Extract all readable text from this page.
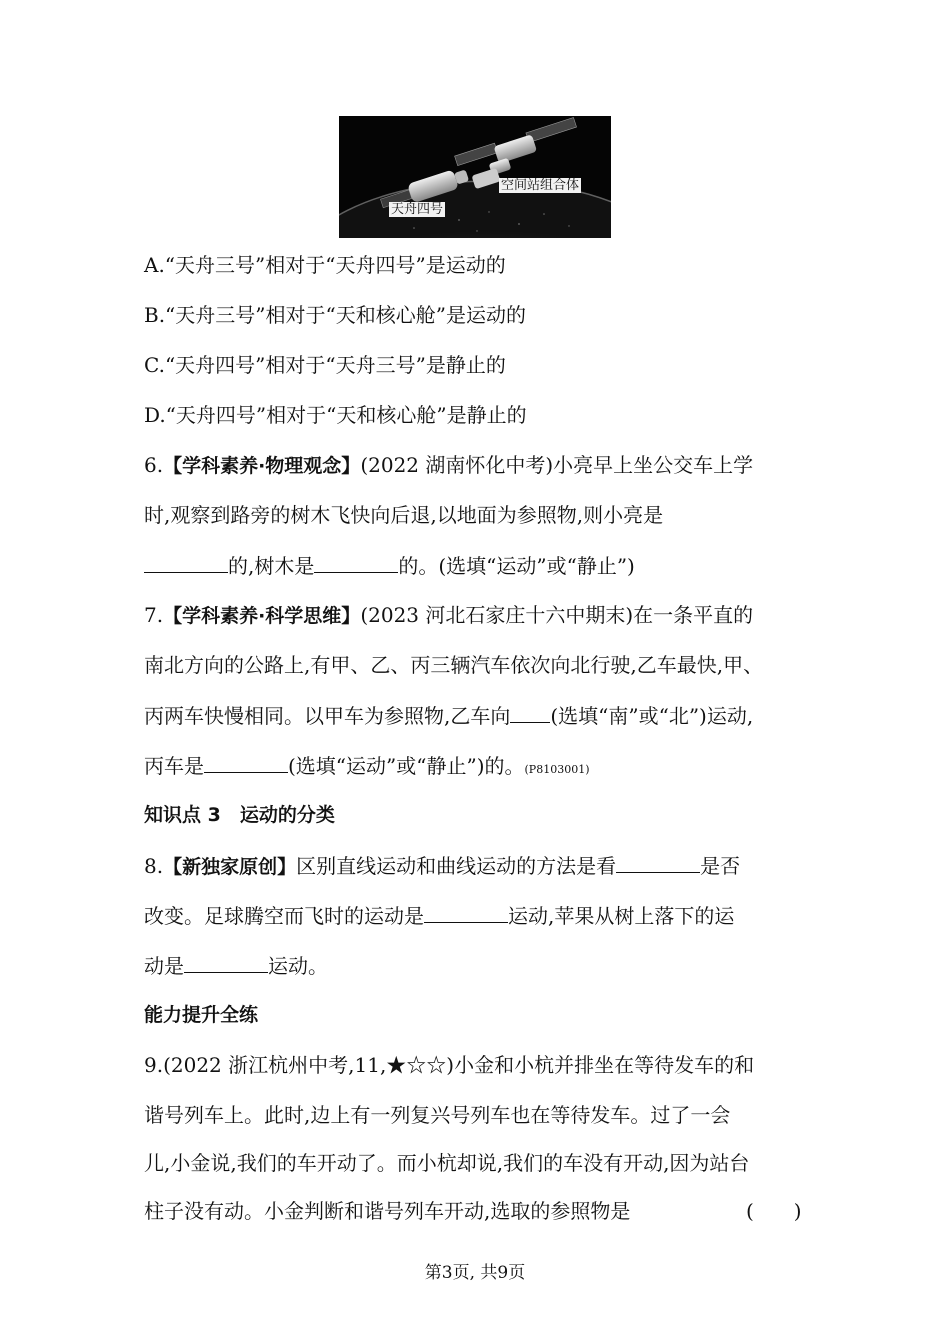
空间站组合体
天舟四号
A.“天舟三号”相对于“天舟四号”是运动的
B.“天舟三号”相对于“天和核心舱”是运动的
C.“天舟四号”相对于“天舟三号”是静止的
D.“天舟四号”相对于“天和核心舱”是静止的
6.【学科素养·物理观念】(2022 湖南怀化中考)小亮早上坐公交车上学
时,观察到路旁的树木飞快向后退,以地面为参照物,则小亮是
的,树木是	的。(选填“运动”或“静止”)
7.【学科素养·科学思维】(2023 河北石家庄十六中期末)在一条平直的
南北方向的公路上,有甲、乙、丙三辆汽车依次向北行驶,乙车最快,甲、
丙两车快慢相同。以甲车为参照物,乙车向 (选填“南”或“北”)运动,
丙车是	(选填“运动”或“静止”)的。(P8103001)
知识点 3　运动的分类
8.【新独家原创】区别直线运动和曲线运动的方法是看	是否
改变。足球腾空而飞时的运动是	运动,苹果从树上落下的运
动是	运动。
能力提升全练
9.(2022 浙江杭州中考,11,★☆☆)小金和小杭并排坐在等待发车的和
谐号列车上。此时,边上有一列复兴号列车也在等待发车。过了一会
儿,小金说,我们的车开动了。而小杭却说,我们的车没有开动,因为站台
柱子没有动。小金判断和谐号列车开动,选取的参照物是	(　　)
第3页, 共9页
